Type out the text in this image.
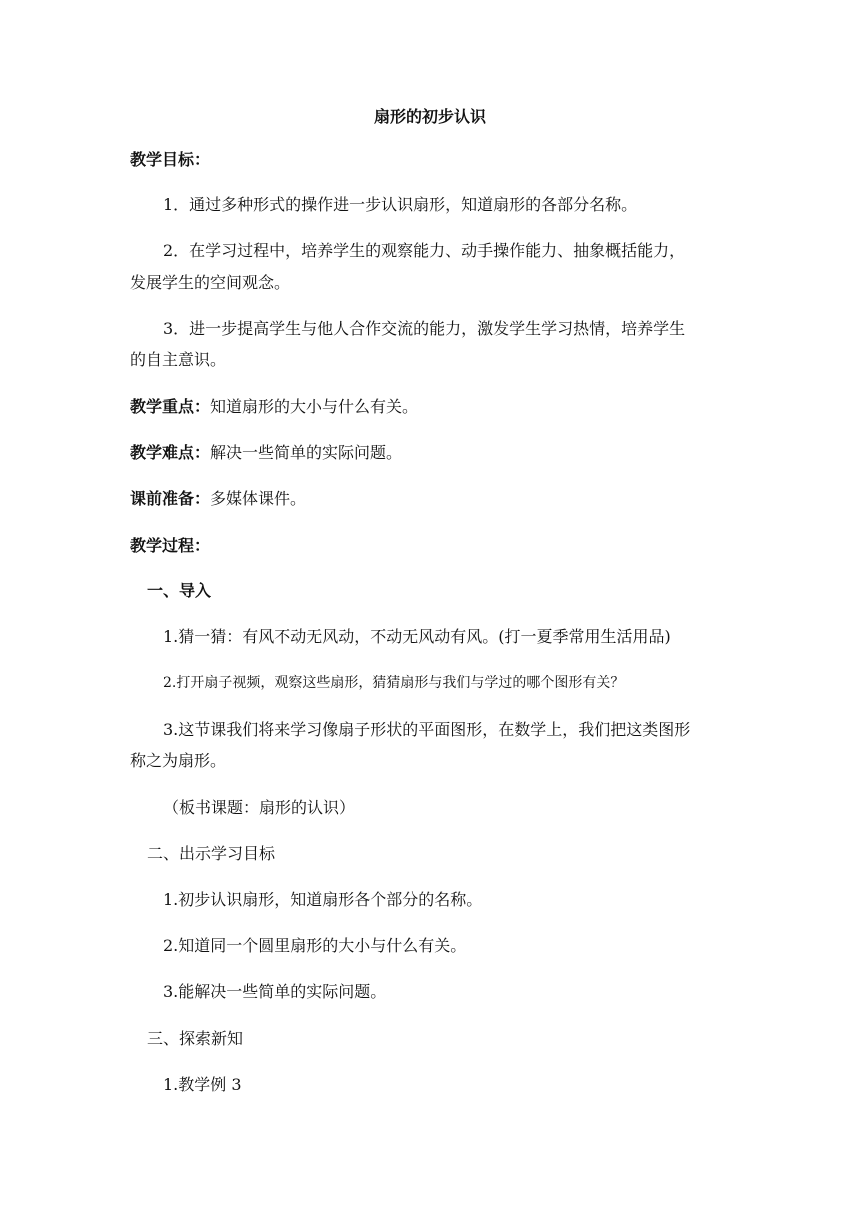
扇形的初步认识
教学目标：
1．通过多种形式的操作进一步认识扇形，知道扇形的各部分名称。
2．在学习过程中，培养学生的观察能力、动手操作能力、抽象概括能力，
发展学生的空间观念。
3．进一步提高学生与他人合作交流的能力，激发学生学习热情，培养学生
的自主意识。
教学重点：知道扇形的大小与什么有关。
教学难点：解决一些简单的实际问题。
课前准备：多媒体课件。
教学过程：
一、导入
1.猜一猜：有风不动无风动，不动无风动有风。(打一夏季常用生活用品)
2.打开扇子视频，观察这些扇形，猜猜扇形与我们与学过的哪个图形有关？
3.这节课我们将来学习像扇子形状的平面图形，在数学上，我们把这类图形
称之为扇形。
（板书课题：扇形的认识）
二、出示学习目标
1.初步认识扇形，知道扇形各个部分的名称。
2.知道同一个圆里扇形的大小与什么有关。
3.能解决一些简单的实际问题。
三、探索新知
1.教学例 3
